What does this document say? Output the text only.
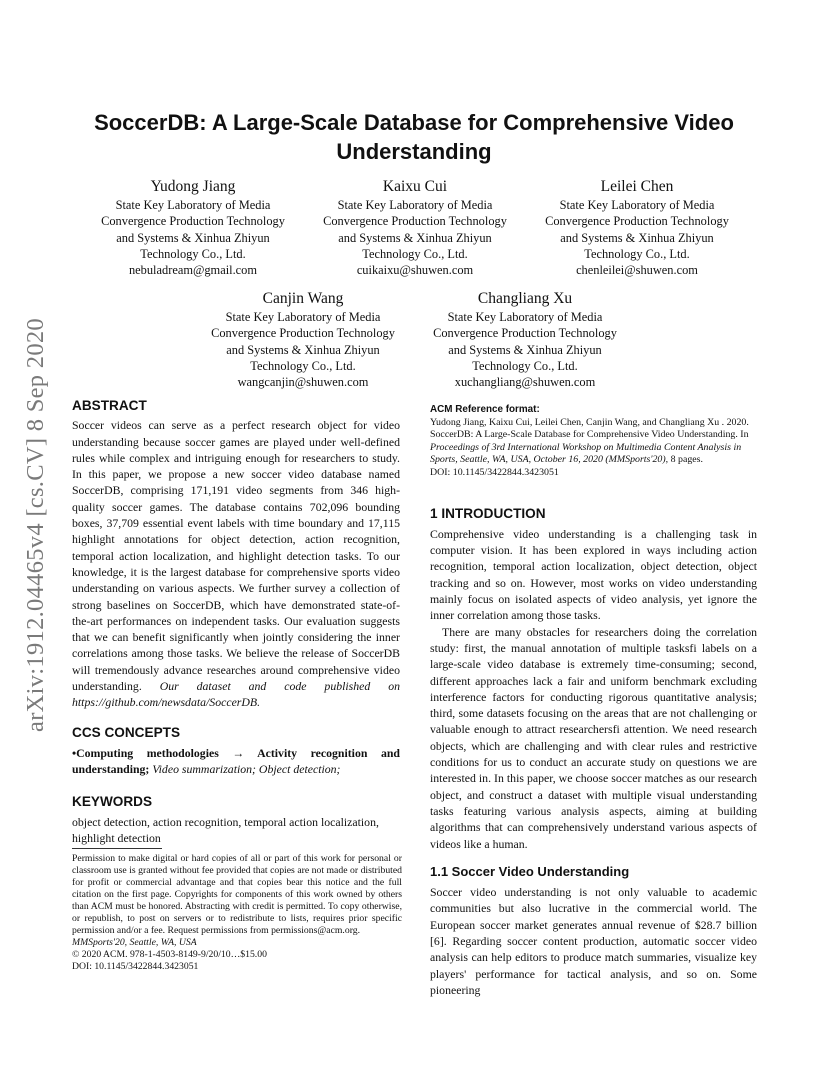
arXiv:1912.04465v4 [cs.CV] 8 Sep 2020
SoccerDB: A Large-Scale Database for Comprehensive Video
Understanding
Yudong Jiang
State Key Laboratory of Media
Convergence Production Technology
and Systems & Xinhua Zhiyun
Technology Co., Ltd.
nebuladream@gmail.com
Kaixu Cui
State Key Laboratory of Media
Convergence Production Technology
and Systems & Xinhua Zhiyun
Technology Co., Ltd.
cuikaixu@shuwen.com
Leilei Chen
State Key Laboratory of Media
Convergence Production Technology
and Systems & Xinhua Zhiyun
Technology Co., Ltd.
chenleilei@shuwen.com
Canjin Wang
State Key Laboratory of Media
Convergence Production Technology
and Systems & Xinhua Zhiyun
Technology Co., Ltd.
wangcanjin@shuwen.com
Changliang Xu
State Key Laboratory of Media
Convergence Production Technology
and Systems & Xinhua Zhiyun
Technology Co., Ltd.
xuchangliang@shuwen.com

ABSTRACT

Soccer videos can serve as a perfect research object for video understanding because soccer games are played under well-defined rules while complex and intriguing enough for researchers to study. In this paper, we propose a new soccer video database named SoccerDB, comprising 171,191 video segments from 346 high-quality soccer games. The database contains 702,096 bounding boxes, 37,709 essential event labels with time boundary and 17,115 highlight annotations for object detection, action recognition, temporal action localization, and highlight detection tasks. To our knowledge, it is the largest database for comprehensive sports video understanding on various aspects. We further survey a collection of strong baselines on SoccerDB, which have demonstrated state-of-the-art performances on independent tasks. Our evaluation suggests that we can benefit significantly when jointly considering the inner correlations among those tasks. We believe the release of SoccerDB will tremendously advance researches around comprehensive video understanding. Our dataset and code published on https://github.com/newsdata/SoccerDB.

CCS CONCEPTS

•Computing methodologies → Activity recognition and understanding; Video summarization; Object detection;

KEYWORDS

object detection, action recognition, temporal action localization, highlight detection

Permission to make digital or hard copies of all or part of this work for personal or classroom use is granted without fee provided that copies are not made or distributed for profit or commercial advantage and that copies bear this notice and the full citation on the first page. Copyrights for components of this work owned by others than ACM must be honored. Abstracting with credit is permitted. To copy otherwise, or republish, to post on servers or to redistribute to lists, requires prior specific permission and/or a fee. Request permissions from permissions@acm.org.

MMSports'20, Seattle, WA, USA

© 2020 ACM. 978-1-4503-8149-9/20/10…$15.00

DOI: 10.1145/3422844.3423051

ACM Reference format:
Yudong Jiang, Kaixu Cui, Leilei Chen, Canjin Wang, and Changliang Xu . 2020. SoccerDB: A Large-Scale Database for Comprehensive Video Understanding. In Proceedings of 3rd International Workshop on Multimedia Content Analysis in Sports, Seattle, WA, USA, October 16, 2020 (MMSports'20), 8 pages.
DOI: 10.1145/3422844.3423051

1 INTRODUCTION

Comprehensive video understanding is a challenging task in computer vision. It has been explored in ways including action recognition, temporal action localization, object detection, object tracking and so on. However, most works on video understanding mainly focus on isolated aspects of video analysis, yet ignore the inner correlation among those tasks.

There are many obstacles for researchers doing the correlation study: first, the manual annotation of multiple tasksfi labels on a large-scale video database is extremely time-consuming; second, different approaches lack a fair and uniform benchmark excluding interference factors for conducting rigorous quantitative analysis; third, some datasets focusing on the areas that are not challenging or valuable enough to attract researchersfi attention. We need research objects, which are challenging and with clear rules and restrictive conditions for us to conduct an accurate study on questions we are interested in. In this paper, we choose soccer matches as our research object, and construct a dataset with multiple visual understanding tasks featuring various analysis aspects, aiming at building algorithms that can comprehensively understand various aspects of videos like a human.

1.1 Soccer Video Understanding

Soccer video understanding is not only valuable to academic communities but also lucrative in the commercial world. The European soccer market generates annual revenue of $28.7 billion [6]. Regarding soccer content production, automatic soccer video analysis can help editors to produce match summaries, visualize key players' performance for tactical analysis, and so on. Some pioneering
